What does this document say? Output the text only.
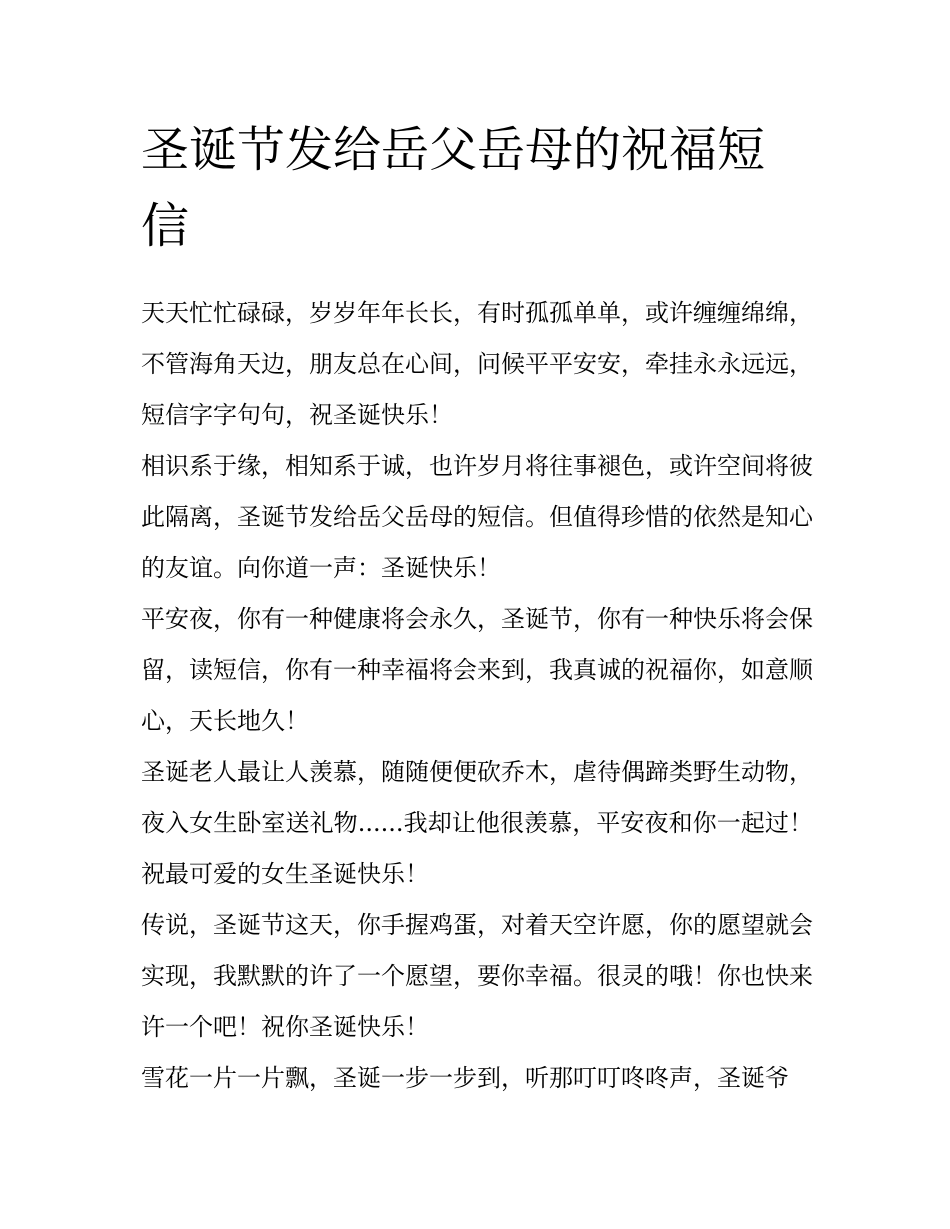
圣诞节发给岳父岳母的祝福短信

天天忙忙碌碌，岁岁年年长长，有时孤孤单单，或许缠缠绵绵，不管海角天边，朋友总在心间，问候平平安安，牵挂永永远远，短信字字句句，祝圣诞快乐！

相识系于缘，相知系于诚，也许岁月将往事褪色，或许空间将彼此隔离，圣诞节发给岳父岳母的短信。但值得珍惜的依然是知心的友谊。向你道一声：圣诞快乐！

平安夜，你有一种健康将会永久，圣诞节，你有一种快乐将会保留，读短信，你有一种幸福将会来到，我真诚的祝福你，如意顺心，天长地久！

圣诞老人最让人羡慕，随随便便砍乔木，虐待偶蹄类野生动物，夜入女生卧室送礼物......我却让他很羡慕，平安夜和你一起过！祝最可爱的女生圣诞快乐！

传说，圣诞节这天，你手握鸡蛋，对着天空许愿，你的愿望就会实现，我默默的许了一个愿望，要你幸福。很灵的哦！你也快来许一个吧！祝你圣诞快乐！

雪花一片一片飘，圣诞一步一步到，听那叮叮咚咚声，圣诞爷
